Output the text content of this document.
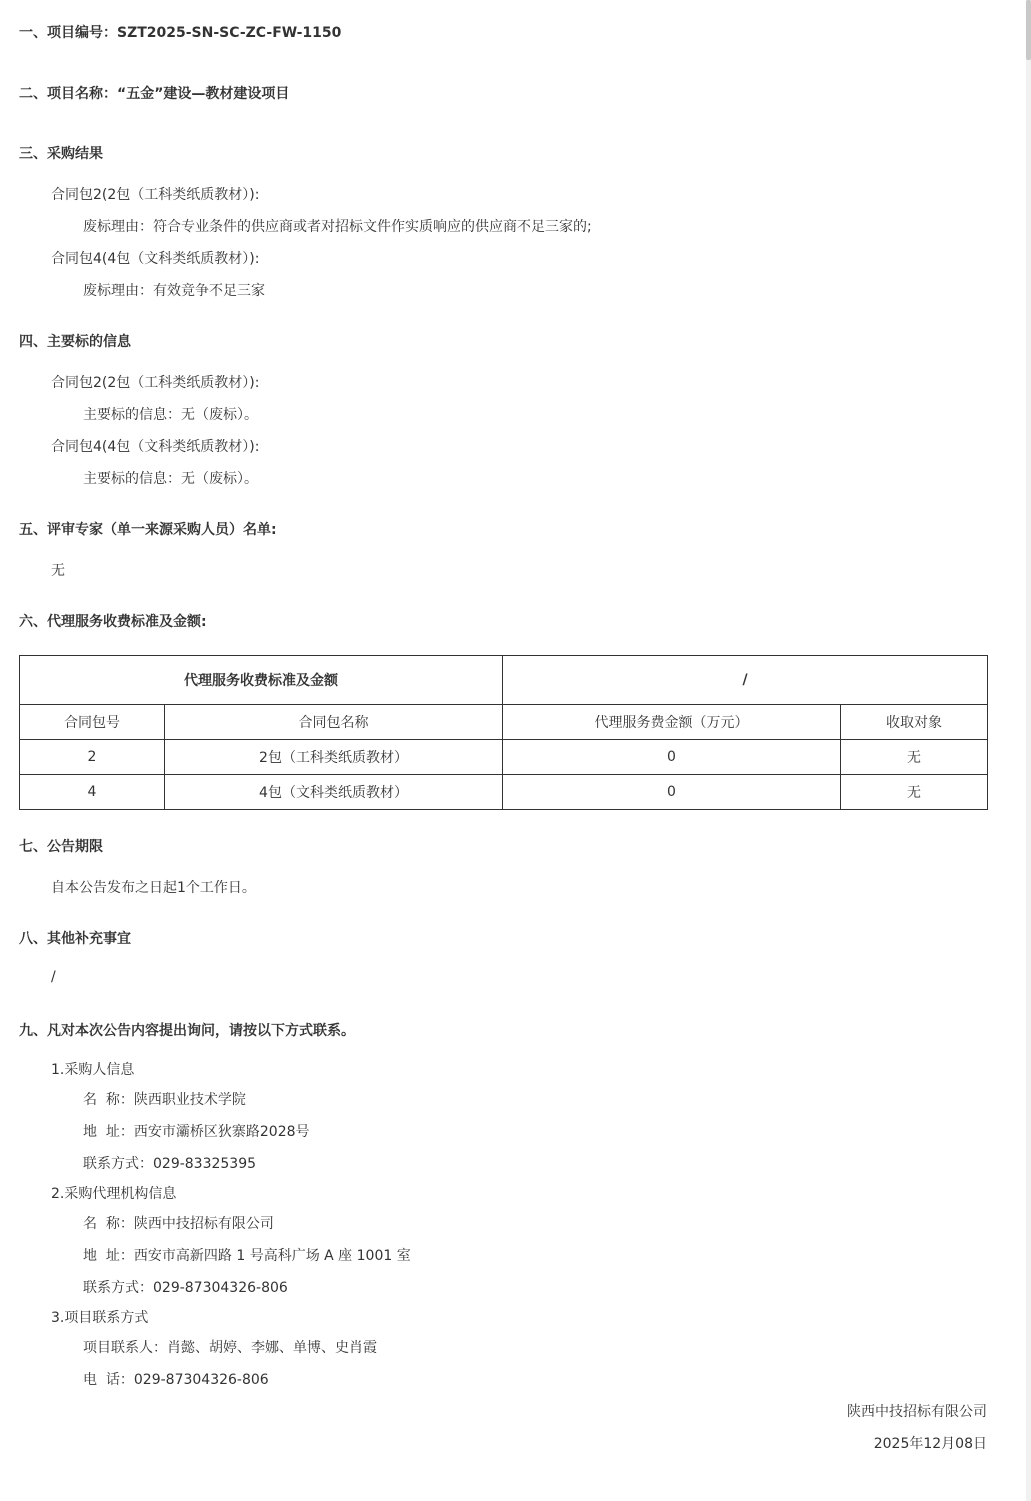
一、项目编号：SZT2025-SN-SC-ZC-FW-1150
二、项目名称：“五金”建设—教材建设项目
三、采购结果
合同包2(2包（工科类纸质教材）):
废标理由：符合专业条件的供应商或者对招标文件作实质响应的供应商不足三家的;
合同包4(4包（文科类纸质教材）):
废标理由：有效竞争不足三家
四、主要标的信息
合同包2(2包（工科类纸质教材）):
主要标的信息：无（废标）。
合同包4(4包（文科类纸质教材）):
主要标的信息：无（废标）。
五、评审专家（单一来源采购人员）名单:
无
六、代理服务收费标准及金额:
代理服务收费标准及金额		/	
合同包号	合同包名称	代理服务费金额（万元）	收取对象
2	2包（工科类纸质教材）	0	无
4	4包（文科类纸质教材）	0	无
七、公告期限
自本公告发布之日起1个工作日。
八、其他补充事宜
/
九、凡对本次公告内容提出询问，请按以下方式联系。
1.采购人信息
名  称：陕西职业技术学院
地  址：西安市灞桥区狄寨路2028号
联系方式：029-83325395
2.采购代理机构信息
名  称：陕西中技招标有限公司
地  址：西安市高新四路 1 号高科广场 A 座 1001 室
联系方式：029-87304326-806
3.项目联系方式
项目联系人：肖懿、胡婷、李娜、单博、史肖霞
电  话：029-87304326-806
陕西中技招标有限公司
2025年12月08日
